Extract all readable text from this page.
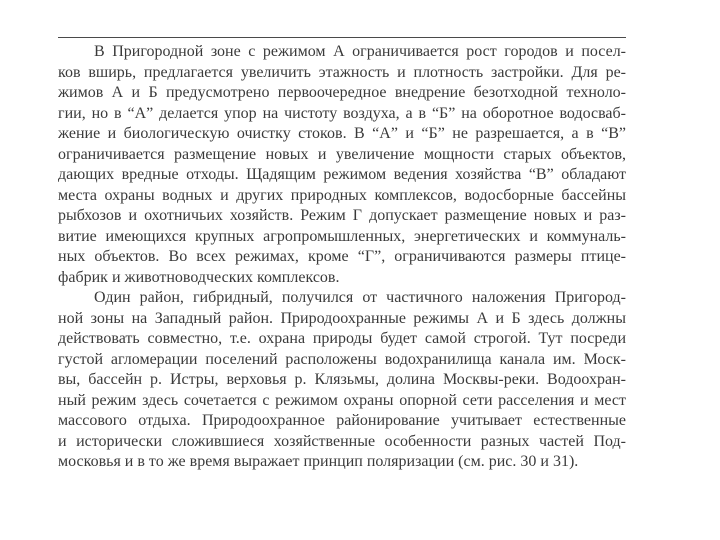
В Пригородной зоне с режимом А ограничивается рост городов и посел-
ков вширь, предлагается увеличить этажность и плотность застройки. Для ре-
жимов А и Б предусмотрено первоочередное внедрение безотходной техноло-
гии, но в “А” делается упор на чистоту воздуха, а в “Б” на оборотное водосваб-
жение и биологическую очистку стоков. В “А” и “Б” не разрешается, а в “В”
ограничивается размещение новых и увеличение мощности старых объектов,
дающих вредные отходы. Щадящим режимом ведения хозяйства “В” обладают
места охраны водных и других природных комплексов, водосборные бассейны
рыбхозов и охотничьих хозяйств. Режим Г допускает размещение новых и раз-
витие имеющихся крупных агропромышленных, энергетических и коммуналь-
ных объектов. Во всех режимах, кроме “Г”, ограничиваются размеры птице-
фабрик и животноводческих комплексов.
Один район, гибридный, получился от частичного наложения Пригород-
ной зоны на Западный район. Природоохранные режимы А и Б здесь должны
действовать совместно, т.е. охрана природы будет самой строгой. Тут посреди
густой агломерации поселений расположены водохранилища канала им. Моск-
вы, бассейн р. Истры, верховья р. Клязьмы, долина Москвы-реки. Водоохран-
ный режим здесь сочетается с режимом охраны опорной сети расселения и мест
массового отдыха. Природоохранное районирование учитывает естественные
и исторически сложившиеся хозяйственные особенности разных частей Под-
московья и в то же время выражает принцип поляризации (см. рис. 30 и 31).
